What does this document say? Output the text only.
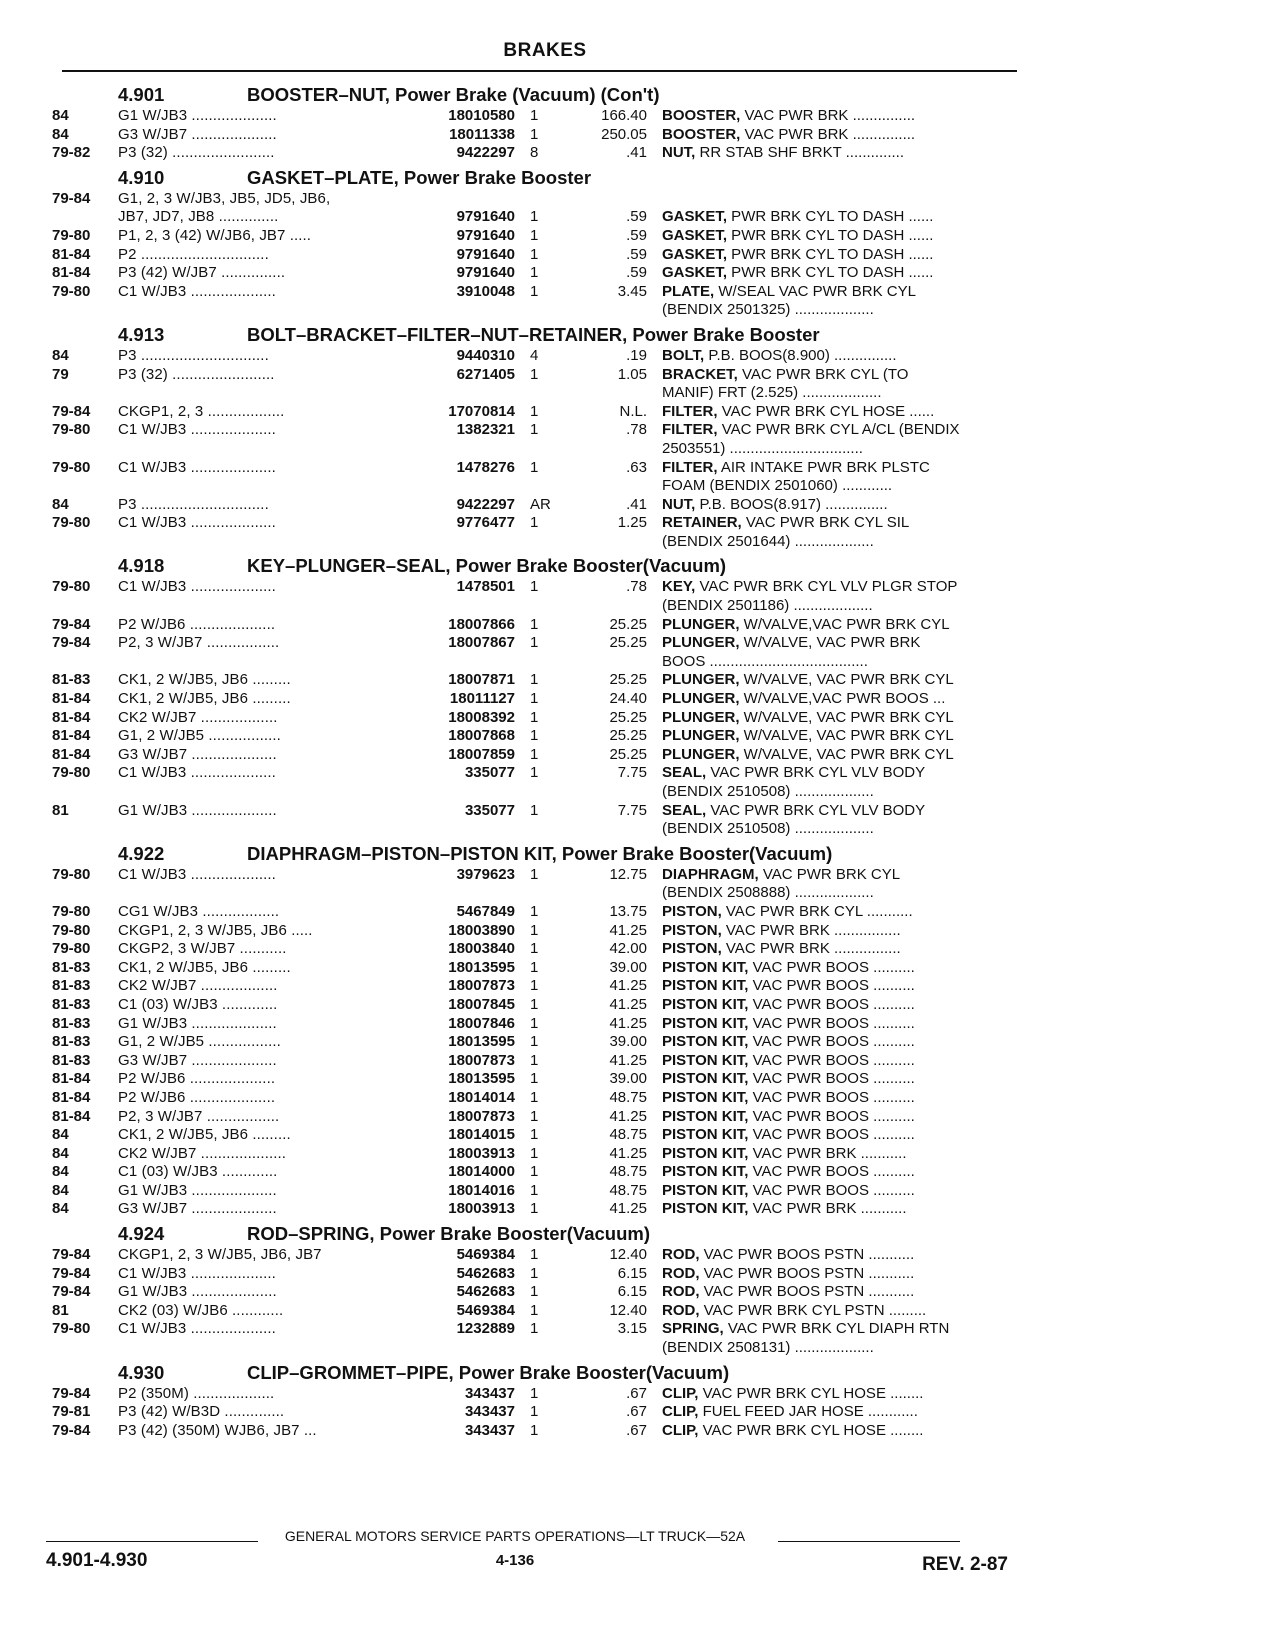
BRAKES
4.901	BOOSTER–NUT, Power Brake (Vacuum) (Con't)
84	G1 W/JB3 ....................	18010580 1	166.40 BOOSTER, VAC PWR BRK ...............
84	G3 W/JB7 ....................	18011338 1	250.05 BOOSTER, VAC PWR BRK ...............
79-82 P3 (32) ........................	9422297 8	.41 NUT, RR STAB SHF BRKT ..............
4.910	GASKET–PLATE, Power Brake Booster
79-84 G1, 2, 3 W/JB3, JB5, JD5, JB6,
JB7, JD7, JB8 ..............	9791640 1	.59 GASKET, PWR BRK CYL TO DASH ......
79-80 P1, 2, 3 (42) W/JB6, JB7 .....	9791640 1	.59 GASKET, PWR BRK CYL TO DASH ......
81-84 P2 ..............................	9791640 1	.59 GASKET, PWR BRK CYL TO DASH ......
81-84 P3 (42) W/JB7 ...............	9791640 1	.59 GASKET, PWR BRK CYL TO DASH ......
79-80 C1 W/JB3 ....................	3910048 1	3.45 PLATE, W/SEAL VAC PWR BRK CYL
(BENDIX 2501325) ...................
4.913	BOLT–BRACKET–FILTER–NUT–RETAINER, Power Brake Booster
84	P3 ..............................	9440310 4	.19 BOLT, P.B. BOOS(8.900) ...............
79	P3 (32) ........................	6271405 1	1.05 BRACKET, VAC PWR BRK CYL (TO
MANIF) FRT (2.525) ...................
79-84 CKGP1, 2, 3 ..................	17070814 1	N.L. FILTER, VAC PWR BRK CYL HOSE ......
79-80 C1 W/JB3 ....................	1382321 1	.78 FILTER, VAC PWR BRK CYL A/CL (BENDIX
2503551) ................................
79-80 C1 W/JB3 ....................	1478276 1	.63 FILTER, AIR INTAKE PWR BRK PLSTC
FOAM (BENDIX 2501060) ............
84	P3 ..............................	9422297 AR	.41 NUT, P.B. BOOS(8.917) ...............
79-80 C1 W/JB3 ....................	9776477 1	1.25 RETAINER, VAC PWR BRK CYL SIL
(BENDIX 2501644) ...................
4.918	KEY–PLUNGER–SEAL, Power Brake Booster(Vacuum)
79-80 C1 W/JB3 ....................	1478501 1	.78 KEY, VAC PWR BRK CYL VLV PLGR STOP
(BENDIX 2501186) ...................
79-84 P2 W/JB6 ....................	18007866 1	25.25 PLUNGER, W/VALVE,VAC PWR BRK CYL
79-84 P2, 3 W/JB7 .................	18007867 1	25.25 PLUNGER, W/VALVE, VAC PWR BRK
BOOS ......................................
81-83 CK1, 2 W/JB5, JB6 .........	18007871 1	25.25 PLUNGER, W/VALVE, VAC PWR BRK CYL
81-84 CK1, 2 W/JB5, JB6 .........	18011127 1	24.40 PLUNGER, W/VALVE,VAC PWR BOOS ...
81-84 CK2 W/JB7 ..................	18008392 1	25.25 PLUNGER, W/VALVE, VAC PWR BRK CYL
81-84 G1, 2 W/JB5 .................	18007868 1	25.25 PLUNGER, W/VALVE, VAC PWR BRK CYL
81-84 G3 W/JB7 ....................	18007859 1	25.25 PLUNGER, W/VALVE, VAC PWR BRK CYL
79-80 C1 W/JB3 ....................	335077 1	7.75 SEAL, VAC PWR BRK CYL VLV BODY
(BENDIX 2510508) ...................
81	G1 W/JB3 ....................	335077 1	7.75 SEAL, VAC PWR BRK CYL VLV BODY
(BENDIX 2510508) ...................
4.922	DIAPHRAGM–PISTON–PISTON KIT, Power Brake Booster(Vacuum)
79-80 C1 W/JB3 ....................	3979623 1	12.75 DIAPHRAGM, VAC PWR BRK CYL
(BENDIX 2508888) ...................
79-80 CG1 W/JB3 ..................	5467849 1	13.75 PISTON, VAC PWR BRK CYL ...........
79-80 CKGP1, 2, 3 W/JB5, JB6 .....	18003890 1	41.25 PISTON, VAC PWR BRK ................
79-80 CKGP2, 3 W/JB7 ...........	18003840 1	42.00 PISTON, VAC PWR BRK ................
81-83 CK1, 2 W/JB5, JB6 .........	18013595 1	39.00 PISTON KIT, VAC PWR BOOS ..........
81-83 CK2 W/JB7 ..................	18007873 1	41.25 PISTON KIT, VAC PWR BOOS ..........
81-83 C1 (03) W/JB3 .............	18007845 1	41.25 PISTON KIT, VAC PWR BOOS ..........
81-83 G1 W/JB3 ....................	18007846 1	41.25 PISTON KIT, VAC PWR BOOS ..........
81-83 G1, 2 W/JB5 .................	18013595 1	39.00 PISTON KIT, VAC PWR BOOS ..........
81-83 G3 W/JB7 ....................	18007873 1	41.25 PISTON KIT, VAC PWR BOOS ..........
81-84 P2 W/JB6 ....................	18013595 1	39.00 PISTON KIT, VAC PWR BOOS ..........
81-84 P2 W/JB6 ....................	18014014 1	48.75 PISTON KIT, VAC PWR BOOS ..........
81-84 P2, 3 W/JB7 .................	18007873 1	41.25 PISTON KIT, VAC PWR BOOS ..........
84	CK1, 2 W/JB5, JB6 .........	18014015 1	48.75 PISTON KIT, VAC PWR BOOS ..........
84	CK2 W/JB7 ....................	18003913 1	41.25 PISTON KIT, VAC PWR BRK ...........
84	C1 (03) W/JB3 .............	18014000 1	48.75 PISTON KIT, VAC PWR BOOS ..........
84	G1 W/JB3 ....................	18014016 1	48.75 PISTON KIT, VAC PWR BOOS ..........
84	G3 W/JB7 ....................	18003913 1	41.25 PISTON KIT, VAC PWR BRK ...........
4.924	ROD–SPRING, Power Brake Booster(Vacuum)
79-84 CKGP1, 2, 3 W/JB5, JB6, JB7	5469384 1	12.40 ROD, VAC PWR BOOS PSTN ...........
79-84 C1 W/JB3 ....................	5462683 1	6.15 ROD, VAC PWR BOOS PSTN ...........
79-84 G1 W/JB3 ....................	5462683 1	6.15 ROD, VAC PWR BOOS PSTN ...........
81	CK2 (03) W/JB6 ............	5469384 1	12.40 ROD, VAC PWR BRK CYL PSTN .........
79-80 C1 W/JB3 ....................	1232889 1	3.15 SPRING, VAC PWR BRK CYL DIAPH RTN
(BENDIX 2508131) ...................
4.930	CLIP–GROMMET–PIPE, Power Brake Booster(Vacuum)
79-84 P2 (350M) ...................	343437 1	.67 CLIP, VAC PWR BRK CYL HOSE ........
79-81 P3 (42) W/B3D ..............	343437 1	.67 CLIP, FUEL FEED JAR HOSE ............
79-84 P3 (42) (350M) WJB6, JB7 ...	343437 1	.67 CLIP, VAC PWR BRK CYL HOSE ........
GENERAL MOTORS SERVICE PARTS OPERATIONS—LT TRUCK—52A
4-136
4.901-4.930	REV. 2-87
